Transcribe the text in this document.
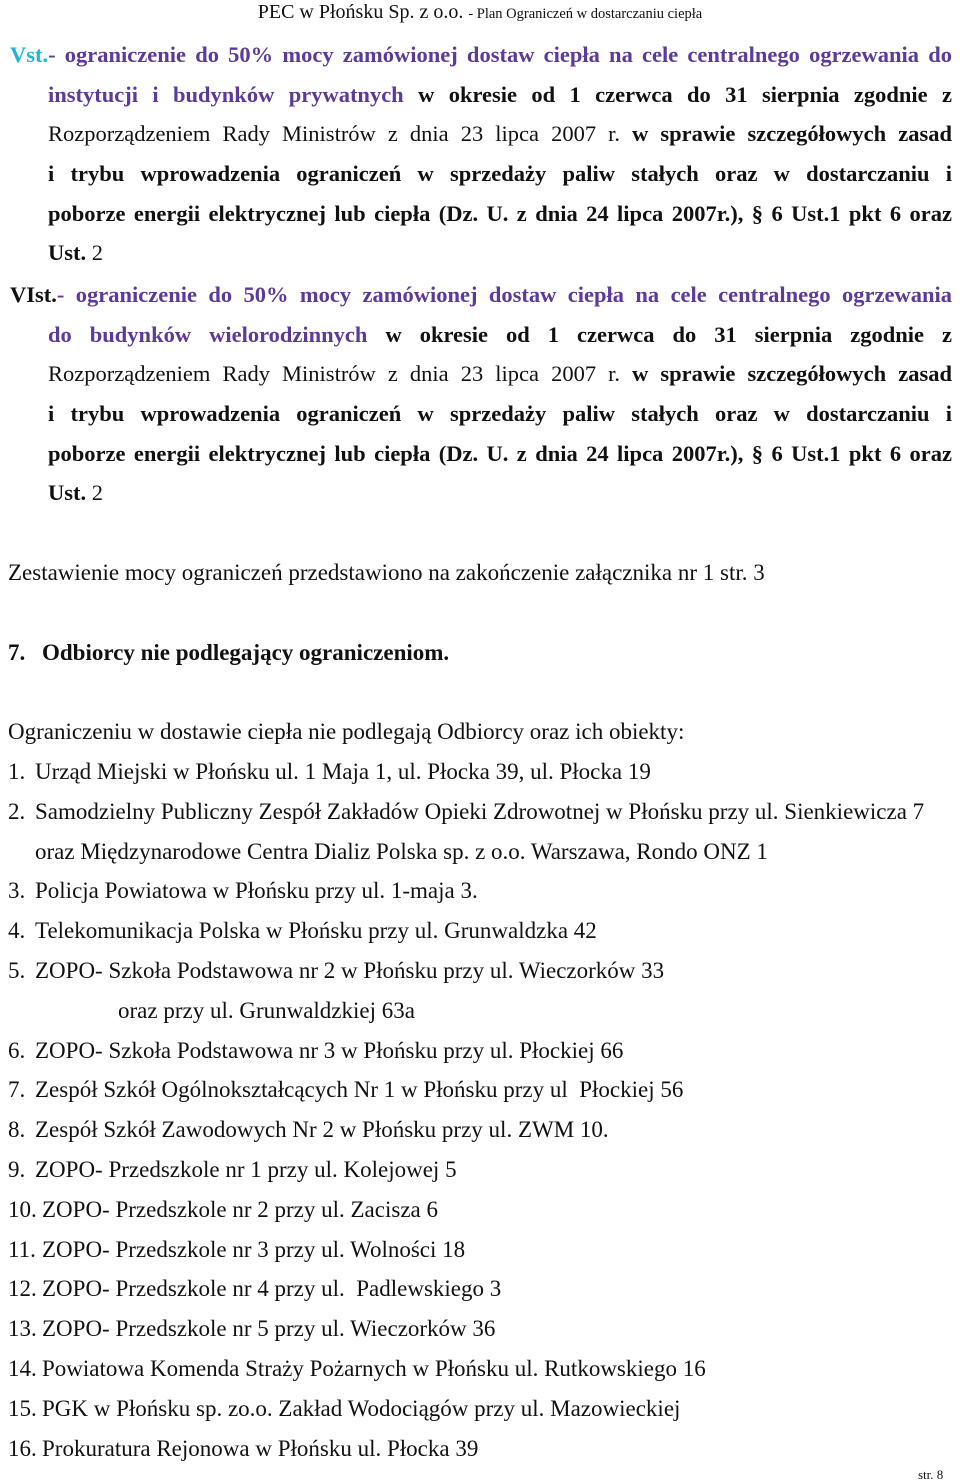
PEC w Płońsku Sp. z o.o. - Plan Ograniczeń w dostarczaniu ciepła
Vst.- ograniczenie do 50% mocy zamówionej dostaw ciepła na cele centralnego ogrzewania do
instytucji i budynków prywatnych w okresie od 1 czerwca do 31 sierpnia zgodnie z
Rozporządzeniem Rady Ministrów z dnia 23 lipca 2007 r. w sprawie szczegółowych zasad
i trybu wprowadzenia ograniczeń w sprzedaży paliw stałych oraz w dostarczaniu i
poborze energii elektrycznej lub ciepła (Dz. U. z dnia 24 lipca 2007r.), § 6 Ust.1 pkt 6 oraz
Ust. 2
VIst.- ograniczenie do 50% mocy zamówionej dostaw ciepła na cele centralnego ogrzewania
do budynków wielorodzinnych w okresie od 1 czerwca do 31 sierpnia zgodnie z
Rozporządzeniem Rady Ministrów z dnia 23 lipca 2007 r. w sprawie szczegółowych zasad
i trybu wprowadzenia ograniczeń w sprzedaży paliw stałych oraz w dostarczaniu i
poborze energii elektrycznej lub ciepła (Dz. U. z dnia 24 lipca 2007r.), § 6 Ust.1 pkt 6 oraz
Ust. 2
Zestawienie mocy ograniczeń przedstawiono na zakończenie załącznika nr 1 str. 3
7. Odbiorcy nie podlegający ograniczeniom.
Ograniczeniu w dostawie ciepła nie podlegają Odbiorcy oraz ich obiekty:
1. Urząd Miejski w Płońsku ul. 1 Maja 1, ul. Płocka 39, ul. Płocka 19
2. Samodzielny Publiczny Zespół Zakładów Opieki Zdrowotnej w Płońsku przy ul. Sienkiewicza 7
oraz Międzynarodowe Centra Dializ Polska sp. z o.o. Warszawa, Rondo ONZ 1
3. Policja Powiatowa w Płońsku przy ul. 1-maja 3.
4. Telekomunikacja Polska w Płońsku przy ul. Grunwaldzka 42
5. ZOPO- Szkoła Podstawowa nr 2 w Płońsku przy ul. Wieczorków 33
oraz przy ul. Grunwaldzkiej 63a
6. ZOPO- Szkoła Podstawowa nr 3 w Płońsku przy ul. Płockiej 66
7. Zespół Szkół Ogólnokształcących Nr 1 w Płońsku przy ul  Płockiej 56
8. Zespół Szkół Zawodowych Nr 2 w Płońsku przy ul. ZWM 10.
9. ZOPO- Przedszkole nr 1 przy ul. Kolejowej 5
10. ZOPO- Przedszkole nr 2 przy ul. Zacisza 6
11. ZOPO- Przedszkole nr 3 przy ul. Wolności 18
12. ZOPO- Przedszkole nr 4 przy ul.  Padlewskiego 3
13. ZOPO- Przedszkole nr 5 przy ul. Wieczorków 36
14. Powiatowa Komenda Straży Pożarnych w Płońsku ul. Rutkowskiego 16
15. PGK w Płońsku sp. zo.o. Zakład Wodociągów przy ul. Mazowieckiej
16. Prokuratura Rejonowa w Płońsku ul. Płocka 39
str. 8
